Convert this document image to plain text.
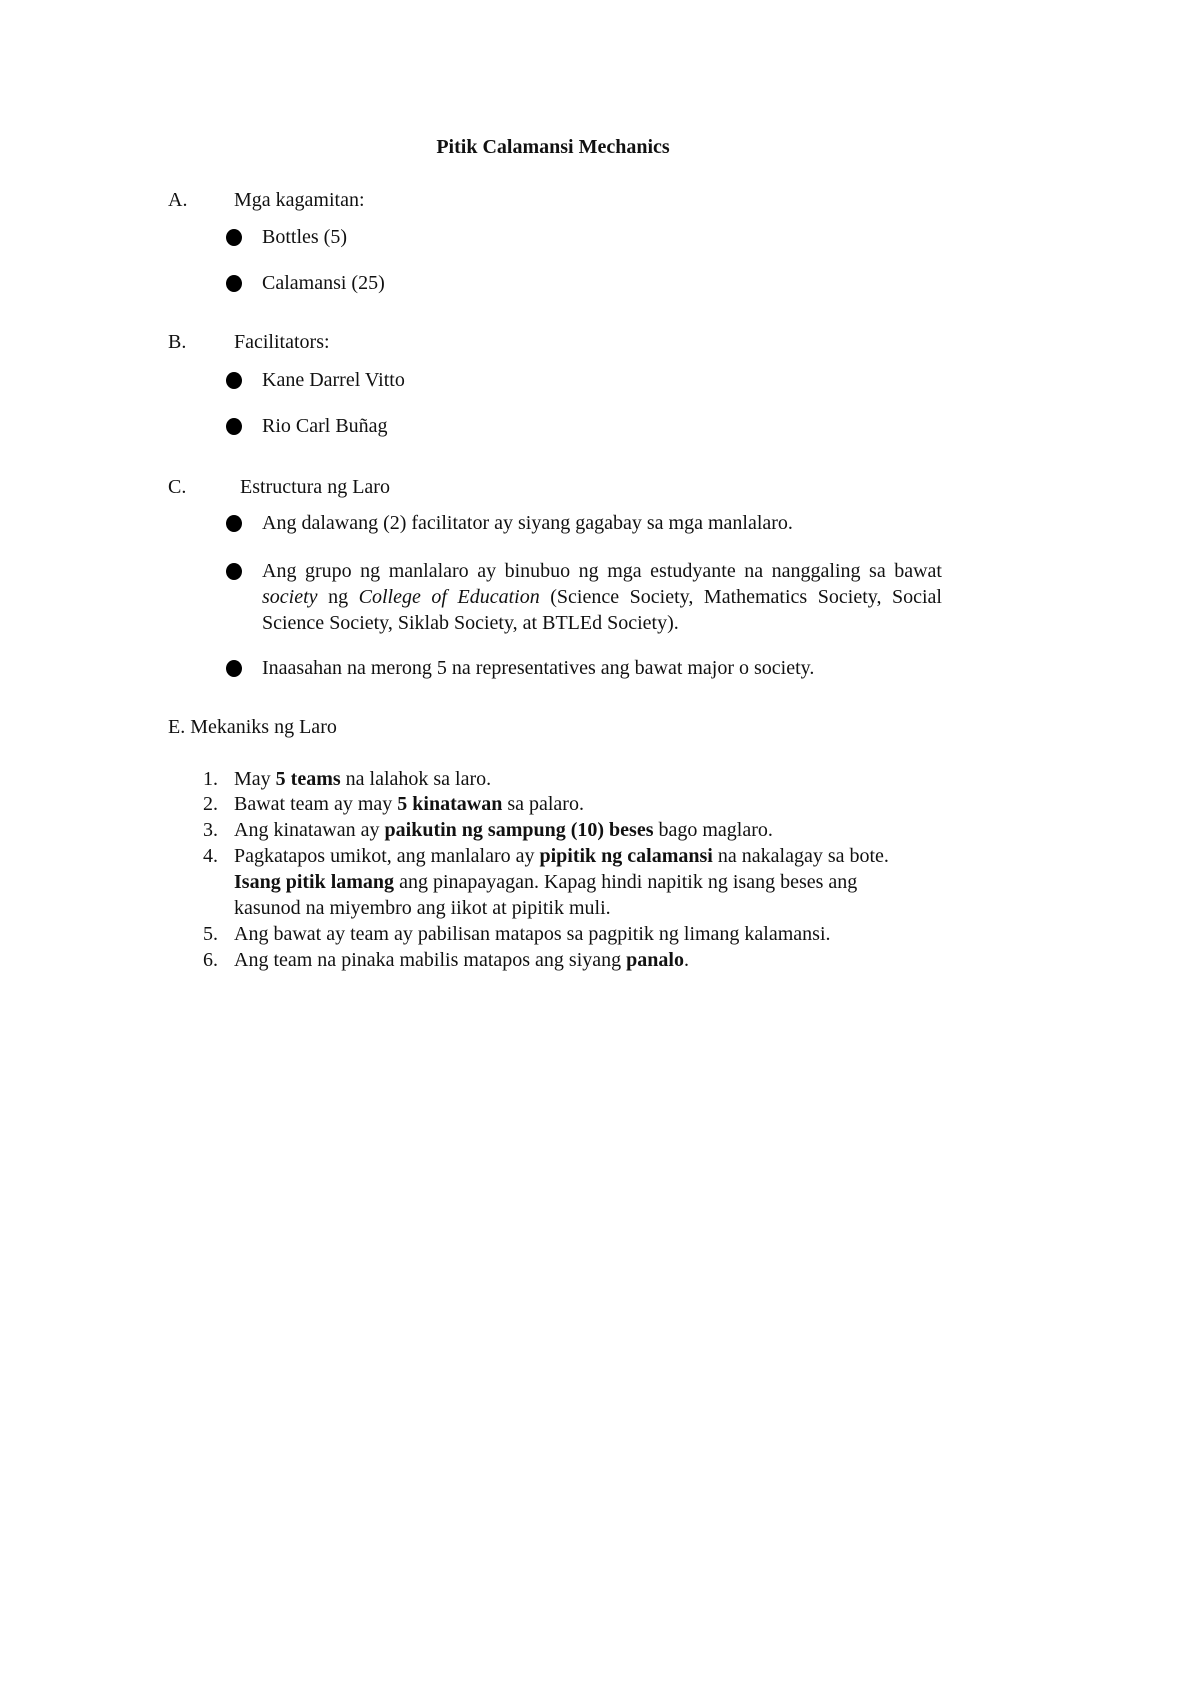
Pitik Calamansi Mechanics
A. Mga kagamitan:
Bottles (5)
Calamansi (25)
B. Facilitators:
Kane Darrel Vitto
Rio Carl Buñag
C.	Estructura ng Laro
Ang dalawang (2) facilitator ay siyang gagabay sa mga manlalaro.
Ang grupo ng manlalaro ay binubuo ng mga estudyante na nanggaling sa bawat society ng College of Education (Science Society, Mathematics Society, Social Science Society, Siklab Society, at BTLEd Society).
Inaasahan na merong 5 na representatives ang bawat major o society.
E. Mekaniks ng Laro
1. May 5 teams na lalahok sa laro.
2. Bawat team ay may 5 kinatawan sa palaro.
3. Ang kinatawan ay paikutin ng sampung (10) beses bago maglaro.
4. Pagkatapos umikot, ang manlalaro ay pipitik ng calamansi na nakalagay sa bote. Isang pitik lamang ang pinapayagan. Kapag hindi napitik ng isang beses ang kasunod na miyembro ang iikot at pipitik muli.
5. Ang bawat ay team ay pabilisan matapos sa pagpitik ng limang kalamansi.
6. Ang team na pinaka mabilis matapos ang siyang panalo.
